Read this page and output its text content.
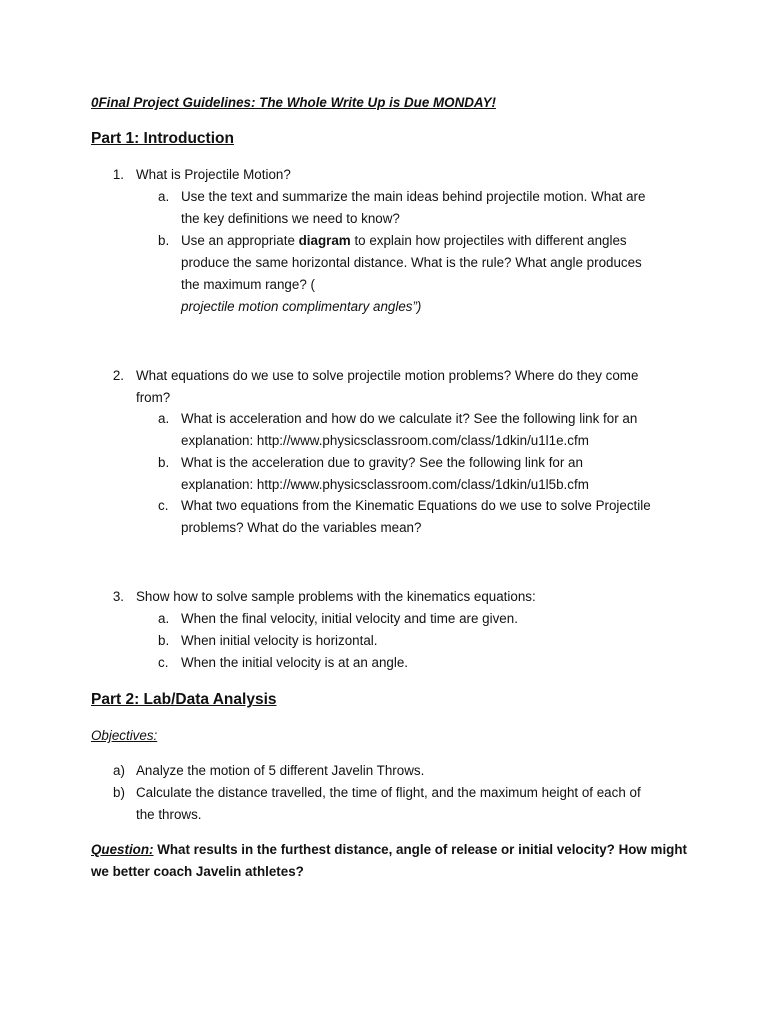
0Final Project Guidelines: The Whole Write Up is Due MONDAY!

Part 1: Introduction

1. What is Projectile Motion?

a. Use the text and summarize the main ideas behind projectile motion. What are

the key definitions we need to know?

b. Use an appropriate diagram to explain how projectiles with different angles

produce the same horizontal distance. What is the rule? What angle produces

the maximum range? (

projectile motion complimentary angles”)

2. What equations do we use to solve projectile motion problems? Where do they come

from?

a. What is acceleration and how do we calculate it? See the following link for an

explanation: http://www.physicsclassroom.com/class/1dkin/u1l1e.cfm

b. What is the acceleration due to gravity? See the following link for an

explanation: http://www.physicsclassroom.com/class/1dkin/u1l5b.cfm

c. What two equations from the Kinematic Equations do we use to solve Projectile

problems? What do the variables mean?

3. Show how to solve sample problems with the kinematics equations:

a. When the final velocity, initial velocity and time are given.

b. When initial velocity is horizontal.

c. When the initial velocity is at an angle.

Part 2: Lab/Data Analysis

Objectives:

a) Analyze the motion of 5 different Javelin Throws.

b) Calculate the distance travelled, the time of flight, and the maximum height of each of

the throws.

Question: What results in the furthest distance, angle of release or initial velocity? How might

we better coach Javelin athletes?
